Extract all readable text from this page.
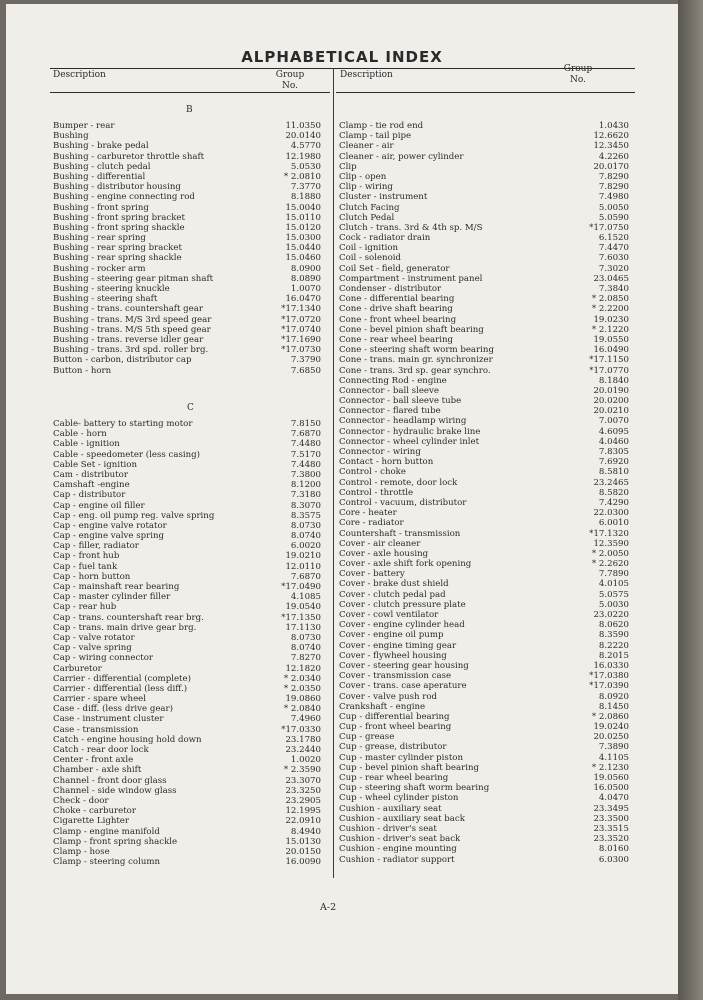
ALPHABETICAL INDEX
Description	Group
No.
Description
Group
No.
B
Bumper - rear	11.0350
Bushing	20.0140
Bushing - brake pedal	4.5770
Bushing - carburetor throttle shaft	12.1980
Bushing - clutch pedal	5.0530
Bushing - differential	* 2.0810
Bushing - distributor housing	7.3770
Bushing - engine connecting rod	8.1880
Bushing - front spring	15.0040
Bushing - front spring bracket	15.0110
Bushing - front spring shackle	15.0120
Bushing - rear spring	15.0300
Bushing - rear spring bracket	15.0440
Bushing - rear spring shackle	15.0460
Bushing - rocker arm	8.0900
Bushing - steering gear pitman shaft	8.0890
Bushing - steering knuckle	1.0070
Bushing - steering shaft	16.0470
Bushing - trans. countershaft gear	*17.1340
Bushing - trans. M/S 3rd speed gear	*17.0720
Bushing - trans. M/S 5th speed gear	*17.0740
Bushing - trans. reverse idler gear	*17.1690
Bushing - trans. 3rd spd. roller brg.	*17.0730
Button - carbon, distributor cap	7.3790
Button - horn	7.6850
C
Cable- battery to starting motor	7.8150
Cable - horn	7.6870
Cable - ignition	7.4480
Cable - speedometer (less casing)	7.5170
Cable Set - ignition	7.4480
Cam - distributor	7.3800
Camshaft -engine	8.1200
Cap - distributor	7.3180
Cap - engine oil filler	8.3070
Cap - eng. oil pump reg. valve spring	8.3575
Cap - engine valve rotator	8.0730
Cap - engine valve spring	8.0740
Cap - filler, radiator	6.0020
Cap - front hub	19.0210
Cap - fuel tank	12.0110
Cap - horn button	7.6870
Cap - mainshaft rear bearing	*17.0490
Cap - master cylinder filler	4.1085
Cap - rear hub	19.0540
Cap - trans. countershaft rear brg.	*17.1350
Cap - trans. main drive gear brg.	17.1130
Cap - valve rotator	8.0730
Cap - valve spring	8.0740
Cap - wiring connector	7.8270
Carburetor	12.1820
Carrier - differential (complete)	* 2.0340
Carrier - differential (less diff.)	* 2.0350
Carrier - spare wheel	19.0860
Case - diff. (less drive gear)	* 2.0840
Case - instrument cluster	7.4960
Case - transmission	*17.0330
Catch - engine housing hold down	23.1780
Catch - rear door lock	23.2440
Center - front axle	1.0020
Chamber - axle shift	* 2.3590
Channel - front door glass	23.3070
Channel - side window glass	23.3250
Check - door	23.2905
Choke - carburetor	12.1995
Cigarette Lighter	22.0910
Clamp - engine manifold	8.4940
Clamp - front spring shackle	15.0130
Clamp - hose	20.0150
Clamp - steering column	16.0090
Clamp - tie rod end	1.0430
Clamp - tail pipe	12.6620
Cleaner - air	12.3450
Cleaner - air, power cylinder	4.2260
Clip	20.0170
Clip - open	7.8290
Clip - wiring	7.8290
Cluster - instrument	7.4980
Clutch Facing	5.0050
Clutch Pedal	5.0590
Clutch - trans. 3rd & 4th sp. M/S	*17.0750
Cock - radiator drain	6.1520
Coil - ignition	7.4470
Coil - solenoid	7.6030
Coil Set - field, generator	7.3020
Compartment - instrument panel	23.0465
Condenser - distributor	7.3840
Cone - differential bearing	* 2.0850
Cone - drive shaft bearing	* 2.2200
Cone - front wheel bearing	19.0230
Cone - bevel pinion shaft bearing	* 2.1220
Cone - rear wheel bearing	19.0550
Cone - steering shaft worm bearing	16.0490
Cone - trans. main gr. synchronizer	*17.1150
Cone - trans. 3rd sp. gear synchro.	*17.0770
Connecting Rod - engine	8.1840
Connector - ball sleeve	20.0190
Connector - ball sleeve tube	20.0200
Connector - flared tube	20.0210
Connector - headlamp wiring	7.0070
Connector - hydraulic brake line	4.6095
Connector - wheel cylinder inlet	4.0460
Connector - wiring	7.8305
Contact - horn button	7.6920
Control - choke	8.5810
Control - remote, door lock	23.2465
Control - throttle	8.5820
Control - vacuum, distributor	7.4290
Core - heater	22.0300
Core - radiator	6.0010
Countershaft - transmission	*17.1320
Cover - air cleaner	12.3590
Cover - axle housing	* 2.0050
Cover - axle shift fork opening	* 2.2620
Cover - battery	7.7890
Cover - brake dust shield	4.0105
Cover - clutch pedal pad	5.0575
Cover - clutch pressure plate	5.0030
Cover - cowl ventilator	23.0220
Cover - engine cylinder head	8.0620
Cover - engine oil pump	8.3590
Cover - engine timing gear	8.2220
Cover - flywheel housing	8.2015
Cover - steering gear housing	16.0330
Cover - transmission case	*17.0380
Cover - trans. case aperature	*17.0390
Cover - valve push rod	8.0920
Crankshaft - engine	8.1450
Cup - differential bearing	* 2.0860
Cup - front wheel bearing	19.0240
Cup - grease	20.0250
Cup - grease, distributor	7.3890
Cup - master cylinder piston	4.1105
Cup - bevel pinion shaft bearing	* 2.1230
Cup - rear wheel bearing	19.0560
Cup - steering shaft worm bearing	16.0500
Cup - wheel cylinder piston	4.0470
Cushion - auxiliary seat	23.3495
Cushion - auxiliary seat back	23.3500
Cushion - driver's seat	23.3515
Cushion - driver's seat back	23.3520
Cushion - engine mounting	8.0160
Cushion - radiator support	6.0300
A-2
